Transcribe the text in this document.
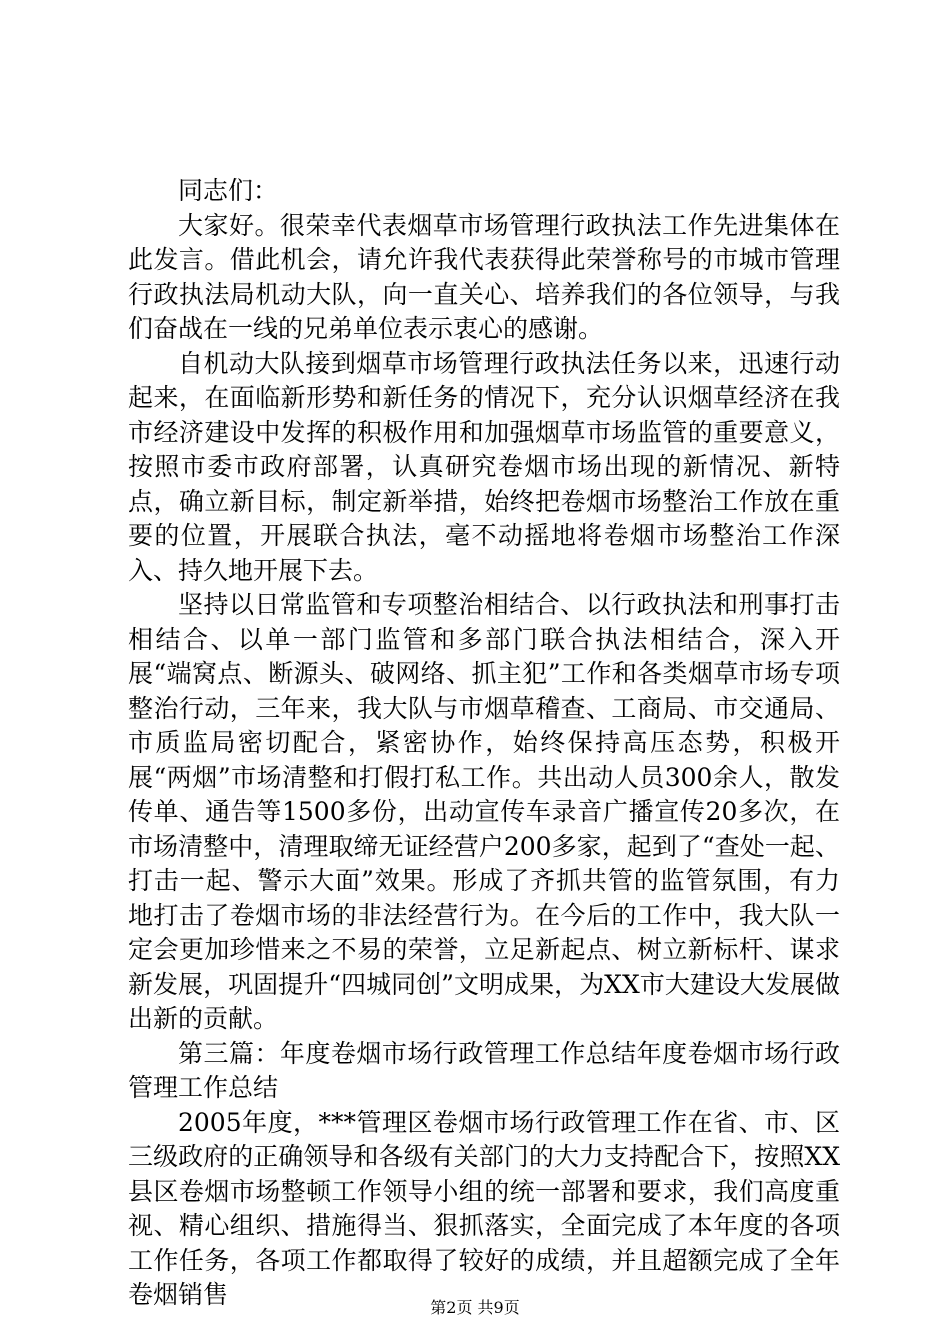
同志们：

大家好。很荣幸代表烟草市场管理行政执法工作先进集体在此发言。借此机会，请允许我代表获得此荣誉称号的市城市管理行政执法局机动大队，向一直关心、培养我们的各位领导，与我们奋战在一线的兄弟单位表示衷心的感谢。

自机动大队接到烟草市场管理行政执法任务以来，迅速行动起来，在面临新形势和新任务的情况下，充分认识烟草经济在我市经济建设中发挥的积极作用和加强烟草市场监管的重要意义，按照市委市政府部署，认真研究卷烟市场出现的新情况、新特点，确立新目标，制定新举措，始终把卷烟市场整治工作放在重要的位置，开展联合执法，毫不动摇地将卷烟市场整治工作深入、持久地开展下去。

坚持以日常监管和专项整治相结合、以行政执法和刑事打击相结合、以单一部门监管和多部门联合执法相结合，深入开展“端窝点、断源头、破网络、抓主犯”工作和各类烟草市场专项整治行动，三年来，我大队与市烟草稽查、工商局、市交通局、市质监局密切配合，紧密协作，始终保持高压态势，积极开展“两烟”市场清整和打假打私工作。共出动人员300余人，散发传单、通告等1500多份，出动宣传车录音广播宣传20多次，在市场清整中，清理取缔无证经营户200多家，起到了“查处一起、打击一起、警示大面”效果。形成了齐抓共管的监管氛围，有力地打击了卷烟市场的非法经营行为。在今后的工作中，我大队一定会更加珍惜来之不易的荣誉，立足新起点、树立新标杆、谋求新发展，巩固提升“四城同创”文明成果，为XX市大建设大发展做出新的贡献。

第三篇：年度卷烟市场行政管理工作总结年度卷烟市场行政管理工作总结

2005年度，***管理区卷烟市场行政管理工作在省、市、区三级政府的正确领导和各级有关部门的大力支持配合下，按照XX县区卷烟市场整顿工作领导小组的统一部署和要求，我们高度重视、精心组织、措施得当、狠抓落实，全面完成了本年度的各项工作任务，各项工作都取得了较好的成绩，并且超额完成了全年卷烟销售	第2页 共9页
